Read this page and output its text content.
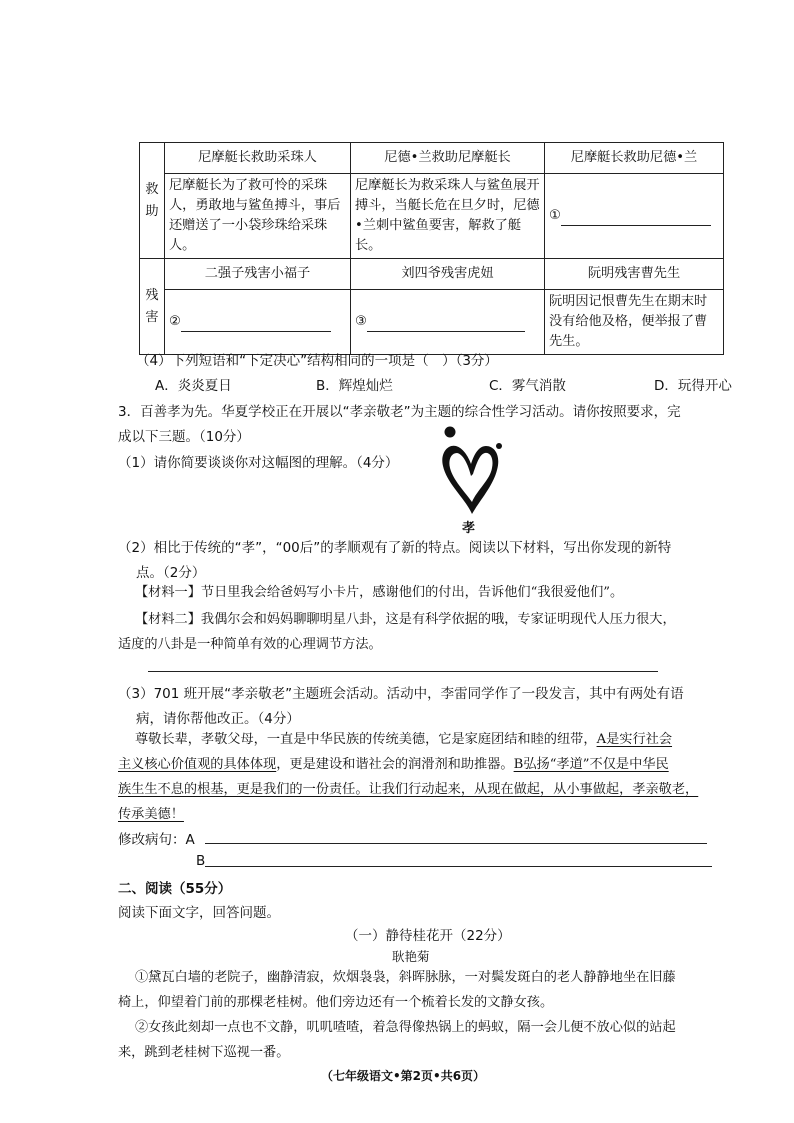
救
助	尼摩艇长救助采珠人	尼德•兰救助尼摩艇长	尼摩艇长救助尼德•兰
	尼摩艇长为了救可怜的采珠人，勇敢地与鲨鱼搏斗，事后还赠送了一小袋珍珠给采珠人。	尼摩艇长为救采珠人与鲨鱼展开搏斗，当艇长危在旦夕时，尼德•兰刺中鲨鱼要害，解救了艇长。	①

残
害	二强子残害小福子	刘四爷残害虎妞	阮明残害曹先生
	②	③	阮明因记恨曹先生在期末时没有给他及格，便举报了曹先生。
（4）下列短语和“下定决心”结构相同的一项是（　）（3分）
A．炎炎夏日	B．辉煌灿烂	C．雾气消散	D．玩得开心
3．百善孝为先。华夏学校正在开展以“孝亲敬老”为主题的综合性学习活动。请你按照要求，完
成以下三题。（10分）
（1）请你简要谈谈你对这幅图的理解。（4分）
孝
（2）相比于传统的“孝”，“00后”的孝顺观有了新的特点。阅读以下材料，写出你发现的新特
点。（2分）
【材料一】节日里我会给爸妈写小卡片，感谢他们的付出，告诉他们“我很爱他们”。
【材料二】我偶尔会和妈妈聊聊明星八卦，这是有科学依据的哦，专家证明现代人压力很大，
适度的八卦是一种简单有效的心理调节方法。
（3）701 班开展“孝亲敬老”主题班会活动。活动中，李雷同学作了一段发言，其中有两处有语
病，请你帮他改正。（4分）
尊敬长辈，孝敬父母，一直是中华民族的传统美德，它是家庭团结和睦的纽带，A是实行社会
主义核心价值观的具体体现，更是建设和谐社会的润滑剂和助推器。B弘扬“孝道”不仅是中华民
族生生不息的根基，更是我们的一份责任。让我们行动起来，从现在做起，从小事做起，孝亲敬老，
传承美德！
修改病句：A
B
二、阅读（55分）
阅读下面文字，回答问题。
（一）静待桂花开（22分）
耿艳菊
①黛瓦白墙的老院子，幽静清寂，炊烟袅袅，斜晖脉脉，一对鬓发斑白的老人静静地坐在旧藤
椅上，仰望着门前的那棵老桂树。他们旁边还有一个梳着长发的文静女孩。
②女孩此刻却一点也不文静，叽叽喳喳，着急得像热锅上的蚂蚁，隔一会儿便不放心似的站起
来，跳到老桂树下巡视一番。
（七年级语文•第2页•共6页）
